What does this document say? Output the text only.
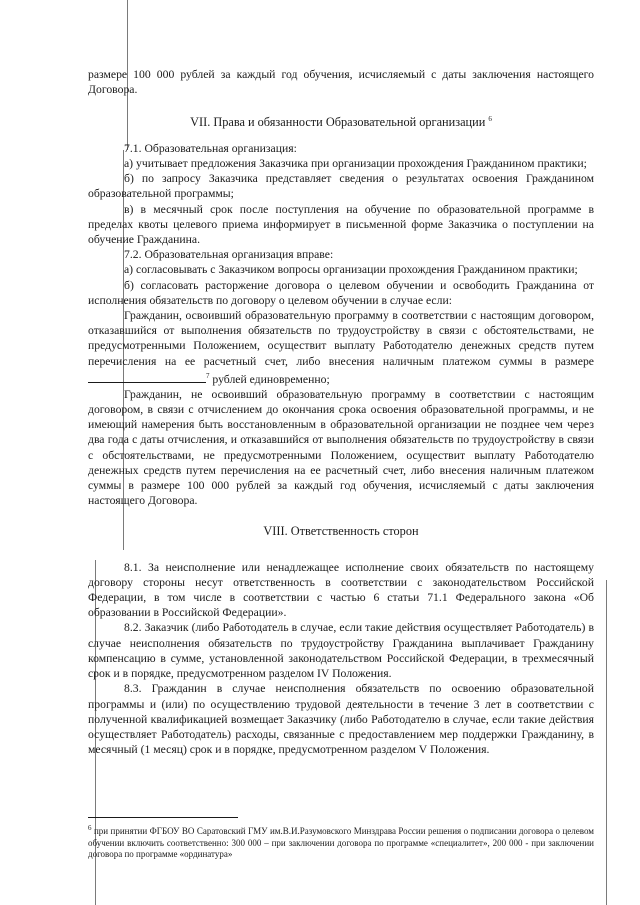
размере 100 000 рублей за каждый год обучения, исчисляемый с даты заключения настоящего Договора.

VII. Права и обязанности Образовательной организации $^6$

7.1. Образовательная организация:

а) учитывает предложения Заказчика при организации прохождения Гражданином практики;

б) по запросу Заказчика представляет сведения о результатах освоения Гражданином образовательной программы;

в) в месячный срок после поступления на обучение по образовательной программе в пределах квоты целевого приема информирует в письменной форме Заказчика о поступлении на обучение Гражданина.

7.2. Образовательная организация вправе:

а) согласовывать с Заказчиком вопросы организации прохождения Гражданином практики;

б) согласовать расторжение договора о целевом обучении и освободить Гражданина от исполнения обязательств по договору о целевом обучении в случае если:

Гражданин, освоивший образовательную программу в соответствии с настоящим договором, отказавшийся от выполнения обязательств по трудоустройству в связи с обстоятельствами, не предусмотренными Положением, осуществит выплату Работодателю денежных средств путем перечисления на ее расчетный счет, либо внесения наличным платежом суммы в размере $^7$ рублей единовременно;

Гражданин, не освоивший образовательную программу в соответствии с настоящим договором, в связи с отчислением до окончания срока освоения образовательной программы, и не имеющий намерения быть восстановленным в образовательной организации не позднее чем через два года с даты отчисления, и отказавшийся от выполнения обязательств по трудоустройству в связи с обстоятельствами, не предусмотренными Положением, осуществит выплату Работодателю денежных средств путем перечисления на ее расчетный счет, либо внесения наличным платежом суммы в размере 100 000 рублей за каждый год обучения, исчисляемый с даты заключения настоящего Договора.

VIII. Ответственность сторон

8.1. За неисполнение или ненадлежащее исполнение своих обязательств по настоящему договору стороны несут ответственность в соответствии с законодательством Российской Федерации, в том числе в соответствии с частью 6 статьи 71.1 Федерального закона «Об образовании в Российской Федерации».

8.2. Заказчик (либо Работодатель в случае, если такие действия осуществляет Работодатель) в случае неисполнения обязательств по трудоустройству Гражданина выплачивает Гражданину компенсацию в сумме, установленной законодательством Российской Федерации, в трехмесячный срок и в порядке, предусмотренном разделом IV Положения.

8.3. Гражданин в случае неисполнения обязательств по освоению образовательной программы и (или) по осуществлению трудовой деятельности в течение 3 лет в соответствии с полученной квалификацией возмещает Заказчику (либо Работодателю в случае, если такие действия осуществляет Работодатель) расходы, связанные с предоставлением мер поддержки Гражданину, в месячный (1 месяц) срок и в порядке, предусмотренном разделом V Положения.

$^6$ при принятии ФГБОУ ВО Саратовский ГМУ им.В.И.Разумовского Минздрава России решения о подписании договора о целевом обучении включить соответственно: 300 000 – при заключении договора по программе «специалитет», 200 000 - при заключении договора по программе «ординатура»
